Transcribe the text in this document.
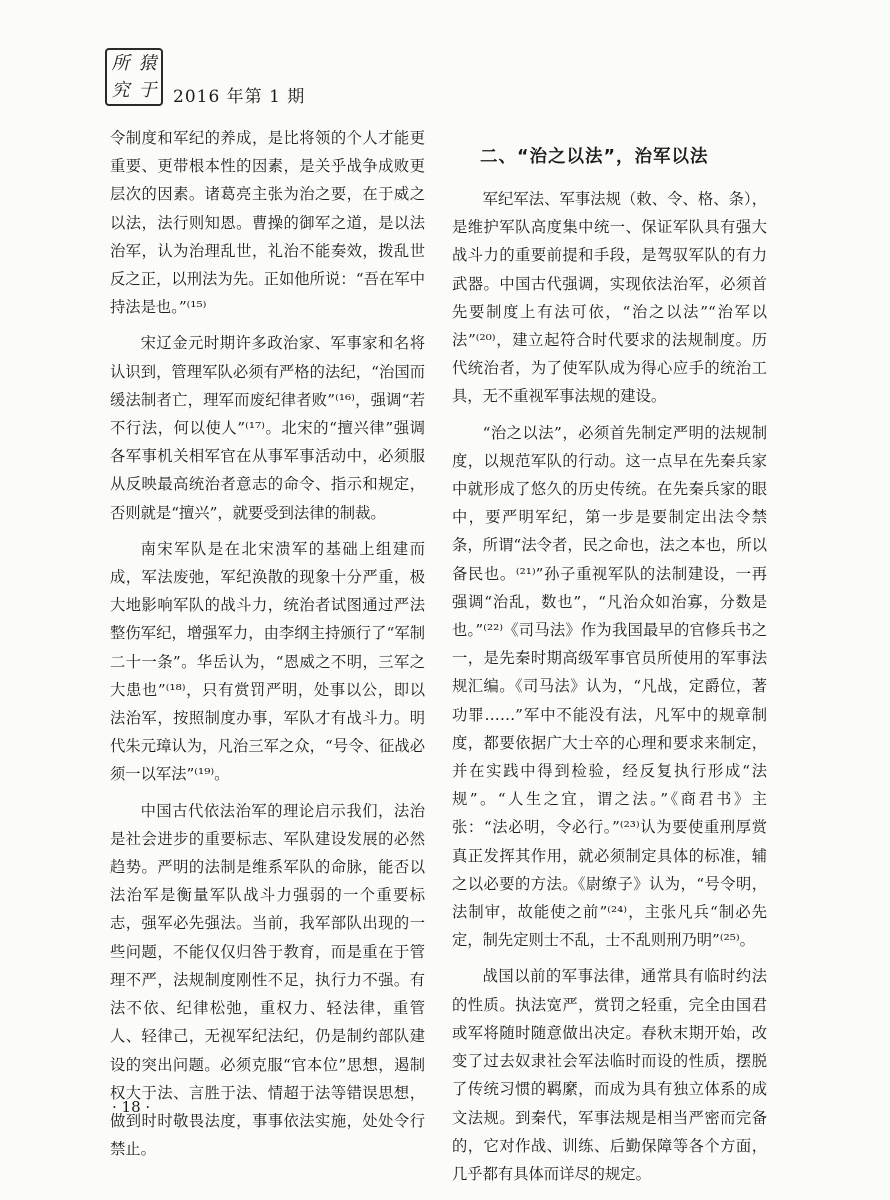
所 猿
究 于 2016 年第 1 期

令制度和军纪的养成，是比将领的个人才能更重要、更带根本性的因素，是关乎战争成败更层次的因素。诸葛亮主张为治之要，在于威之以法，法行则知恩。曹操的御军之道，是以法治军，认为治理乱世，礼治不能奏效，拨乱世反之正，以刑法为先。正如他所说：“吾在军中持法是也。”⁽¹⁵⁾

宋辽金元时期许多政治家、军事家和名将认识到，管理军队必须有严格的法纪，“治国而缓法制者亡，理军而废纪律者败”⁽¹⁶⁾，强调“若不行法，何以使人”⁽¹⁷⁾。北宋的“擅兴律”强调各军事机关相军官在从事军事活动中，必须服从反映最高统治者意志的命令、指示和规定，否则就是“擅兴”，就要受到法律的制裁。

南宋军队是在北宋溃军的基础上组建而成，军法废弛，军纪涣散的现象十分严重，极大地影响军队的战斗力，统治者试图通过严法整伤军纪，增强军力，由李纲主持颁行了“军制二十一条”。华岳认为，“恩威之不明，三军之大患也”⁽¹⁸⁾，只有赏罚严明，处事以公，即以法治军，按照制度办事，军队才有战斗力。明代朱元璋认为，凡治三军之众，“号令、征战必须一以军法”⁽¹⁹⁾。

中国古代依法治军的理论启示我们，法治是社会进步的重要标志、军队建设发展的必然趋势。严明的法制是维系军队的命脉，能否以法治军是衡量军队战斗力强弱的一个重要标志，强军必先强法。当前，我军部队出现的一些问题，不能仅仅归咎于教育，而是重在于管理不严，法规制度刚性不足，执行力不强。有法不依、纪律松弛，重权力、轻法律，重管人、轻律己，无视军纪法纪，仍是制约部队建设的突出问题。必须克服“官本位”思想，遏制权大于法、言胜于法、情超于法等错误思想，做到时时敬畏法度，事事依法实施，处处令行禁止。

二、“治之以法”，治军以法

军纪军法、军事法规（敕、令、格、条），是维护军队高度集中统一、保证军队具有强大战斗力的重要前提和手段，是驾驭军队的有力武器。中国古代强调，实现依法治军，必须首先要制度上有法可依，“治之以法”“治军以法”⁽²⁰⁾，建立起符合时代要求的法规制度。历代统治者，为了使军队成为得心应手的统治工具，无不重视军事法规的建设。

“治之以法”，必须首先制定严明的法规制度，以规范军队的行动。这一点早在先秦兵家中就形成了悠久的历史传统。在先秦兵家的眼中，要严明军纪，第一步是要制定出法令禁条，所谓“法令者，民之命也，法之本也，所以备民也。⁽²¹⁾”孙子重视军队的法制建设，一再强调“治乱，数也”，“凡治众如治寡，分数是也。”⁽²²⁾《司马法》作为我国最早的官修兵书之一，是先秦时期高级军事官员所使用的军事法规汇编。《司马法》认为，“凡战，定爵位，著功罪……”军中不能没有法，凡军中的规章制度，都要依据广大士卒的心理和要求来制定，并在实践中得到检验，经反复执行形成“法规”。“人生之宜，谓之法。”《商君书》主张：“法必明，令必行。”⁽²³⁾认为要使重刑厚赏真正发挥其作用，就必须制定具体的标准，辅之以必要的方法。《尉缭子》认为，“号令明，法制审，故能使之前”⁽²⁴⁾，主张凡兵“制必先定，制先定则士不乱，士不乱则刑乃明”⁽²⁵⁾。

战国以前的军事法律，通常具有临时约法的性质。执法宽严，赏罚之轻重，完全由国君或军将随时随意做出决定。春秋末期开始，改变了过去奴隶社会军法临时而设的性质，摆脱了传统习惯的羁縻，而成为具有独立体系的成文法规。到秦代，军事法规是相当严密而完备的，它对作战、训练、后勤保障等各个方面，几乎都有具体而详尽的规定。

· 18 ·
